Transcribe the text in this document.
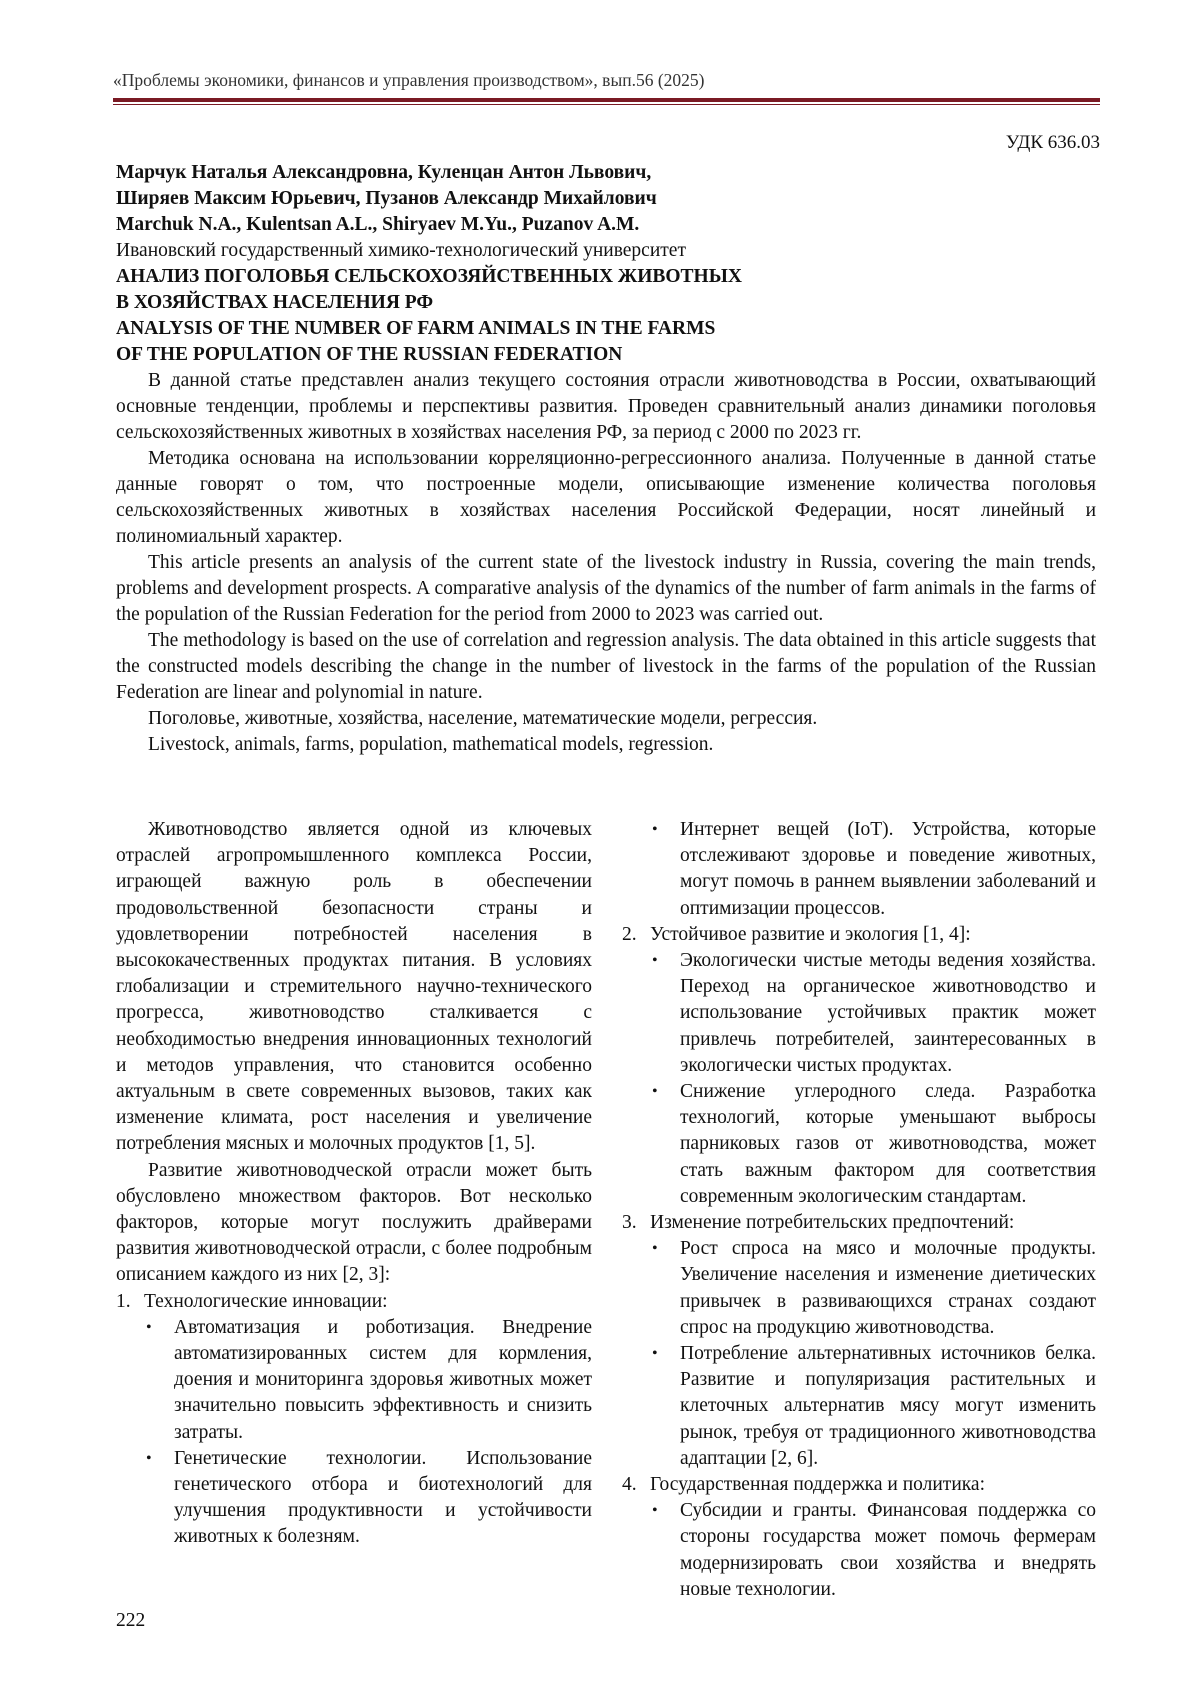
«Проблемы экономики, финансов и управления производством», вып.56 (2025)
УДК 636.03

Марчук Наталья Александровна, Куленцан Антон Львович,

Ширяев Максим Юрьевич, Пузанов Александр Михайлович

Marchuk N.A., Kulentsan A.L., Shiryaev M.Yu., Puzanov A.M.

Ивановский государственный химико-технологический университет

АНАЛИЗ ПОГОЛОВЬЯ СЕЛЬСКОХОЗЯЙСТВЕННЫХ ЖИВОТНЫХ

В ХОЗЯЙСТВАХ НАСЕЛЕНИЯ РФ

ANALYSIS OF THE NUMBER OF FARM ANIMALS IN THE FARMS

OF THE POPULATION OF THE RUSSIAN FEDERATION

В данной статье представлен анализ текущего состояния отрасли животноводства в России, охватывающий основные тенденции, проблемы и перспективы развития. Проведен сравнительный анализ динамики поголовья сельскохозяйственных животных в хозяйствах населения РФ, за период с 2000 по 2023 гг.

Методика основана на использовании корреляционно-регрессионного анализа. Полученные в данной статье данные говорят о том, что построенные модели, описывающие изменение количества поголовья сельскохозяйственных животных в хозяйствах населения Российской Федерации, носят линейный и полиномиальный характер.

This article presents an analysis of the current state of the livestock industry in Russia, covering the main trends, problems and development prospects. A comparative analysis of the dynamics of the number of farm animals in the farms of the population of the Russian Federation for the period from 2000 to 2023 was carried out.

The methodology is based on the use of correlation and regression analysis. The data obtained in this article suggests that the constructed models describing the change in the number of livestock in the farms of the population of the Russian Federation are linear and polynomial in nature.

Поголовье, животные, хозяйства, население, математические модели, регрессия.

Livestock, animals, farms, population, mathematical models, regression.

Животноводство является одной из ключевых отраслей агропромышленного комплекса России, играющей важную роль в обеспечении продовольственной безопасности страны и удовлетворении потребностей населения в высококачественных продуктах питания. В условиях глобализации и стремительного научно-технического прогресса, животноводство сталкивается с необходимостью внедрения инновационных технологий и методов управления, что становится особенно актуальным в свете современных вызовов, таких как изменение климата, рост населения и увеличение потребления мясных и молочных продуктов [1, 5].

Развитие животноводческой отрасли может быть обусловлено множеством факторов. Вот несколько факторов, которые могут послужить драйверами развития животноводческой отрасли, с более подробным описанием каждого из них [2, 3]:

1. Технологические инновации:
•	Автоматизация и роботизация. Внедрение автоматизированных систем для кормления, доения и мониторинга здоровья животных может значительно повысить эффективность и снизить затраты.
•	Генетические технологии. Использование генетического отбора и биотехнологий для улучшения продуктивности и устойчивости животных к болезням.
•	Интернет вещей (IoT). Устройства, которые отслеживают здоровье и поведение животных, могут помочь в раннем выявлении заболеваний и оптимизации процессов.
2. Устойчивое развитие и экология [1, 4]:
•	Экологически чистые методы ведения хозяйства. Переход на органическое животноводство и использование устойчивых практик может привлечь потребителей, заинтересованных в экологически чистых продуктах.
•	Снижение углеродного следа. Разработка технологий, которые уменьшают выбросы парниковых газов от животноводства, может стать важным фактором для соответствия современным экологическим стандартам.
3. Изменение потребительских предпочтений:
•	Рост спроса на мясо и молочные продукты. Увеличение населения и изменение диетических привычек в развивающихся странах создают спрос на продукцию животноводства.
•	Потребление альтернативных источников белка. Развитие и популяризация растительных и клеточных альтернатив мясу могут изменить рынок, требуя от традиционного животноводства адаптации [2, 6].
4. Государственная поддержка и политика:
•	Субсидии и гранты. Финансовая поддержка со стороны государства может помочь фермерам модернизировать свои хозяйства и внедрять новые технологии.
222
